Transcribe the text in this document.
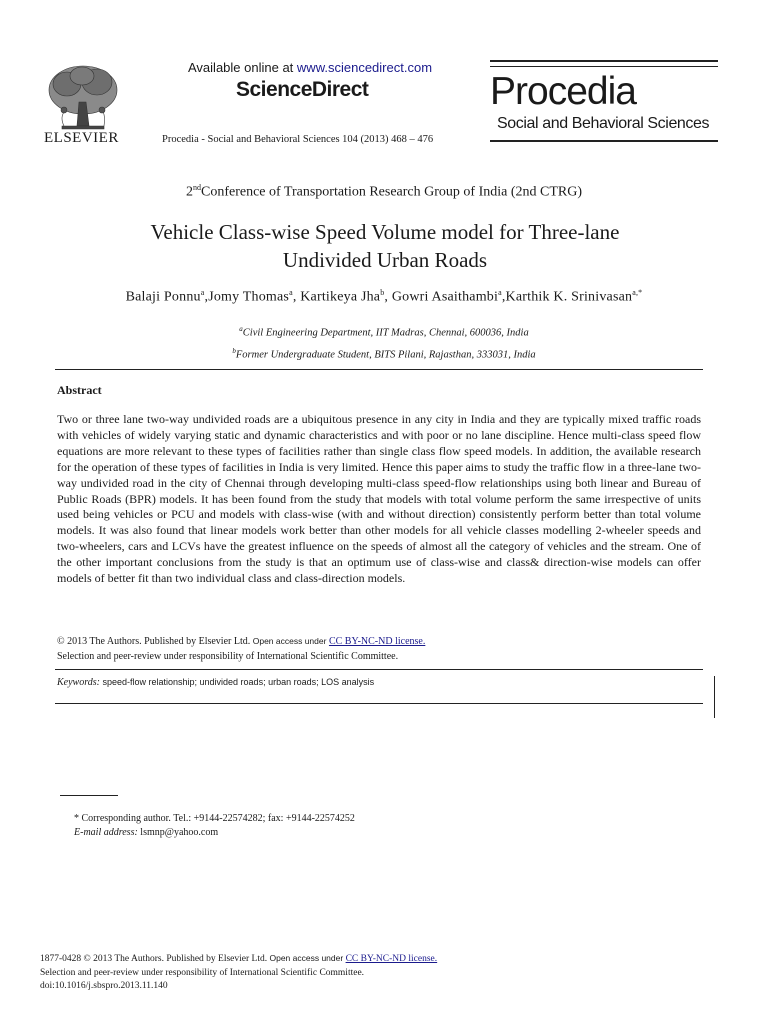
ELSEVIER
Available online at www.sciencedirect.com
ScienceDirect
Procedia - Social and Behavioral Sciences 104 (2013) 468 – 476
Procedia
Social and Behavioral Sciences
2ndConference of Transportation Research Group of India (2nd CTRG)
Vehicle Class-wise Speed Volume model for Three-lane
Undivided Urban Roads
Balaji Ponnu$^a$,Jomy Thomas$^a$, Kartikeya Jha$^b$, Gowri Asaithambi$^a$,Karthik K. Srinivasan$^{a,*}$
$^a$Civil Engineering Department, IIT Madras, Chennai, 600036, India
$^b$Former Undergraduate Student, BITS Pilani, Rajasthan, 333031, India
Abstract
Two or three lane two-way undivided roads are a ubiquitous presence in any city in India and they are typically mixed traffic roads with vehicles of widely varying static and dynamic characteristics and with poor or no lane discipline. Hence multi-class speed flow equations are more relevant to these types of facilities rather than single class flow speed models. In addition, the available research for the operation of these types of facilities in India is very limited. Hence this paper aims to study the traffic flow in a three-lane two-way undivided road in the city of Chennai through developing multi-class speed-flow relationships using both linear and Bureau of Public Roads (BPR) models. It has been found from the study that models with total volume perform the same irrespective of units used being vehicles or PCU and models with class-wise (with and without direction) consistently perform better than total volume models. It was also found that linear models work better than other models for all vehicle classes modelling 2-wheeler speeds and two-wheelers, cars and LCVs have the greatest influence on the speeds of almost all the category of vehicles and the stream. One of the other important conclusions from the study is that an optimum use of class-wise and class& direction-wise models can offer models of better fit than two individual class and class-direction models.
© 2013 The Authors. Published by Elsevier Ltd. Open access under CC BY-NC-ND license.
Selection and peer-review under responsibility of International Scientific Committee.
Keywords: speed-flow relationship; undivided roads; urban roads; LOS analysis
* Corresponding author. Tel.: +9144-22574282; fax: +9144-22574252
E-mail address: lsmnp@yahoo.com
1877-0428 © 2013 The Authors. Published by Elsevier Ltd. Open access under CC BY-NC-ND license.
Selection and peer-review under responsibility of International Scientific Committee.
doi:10.1016/j.sbspro.2013.11.140
